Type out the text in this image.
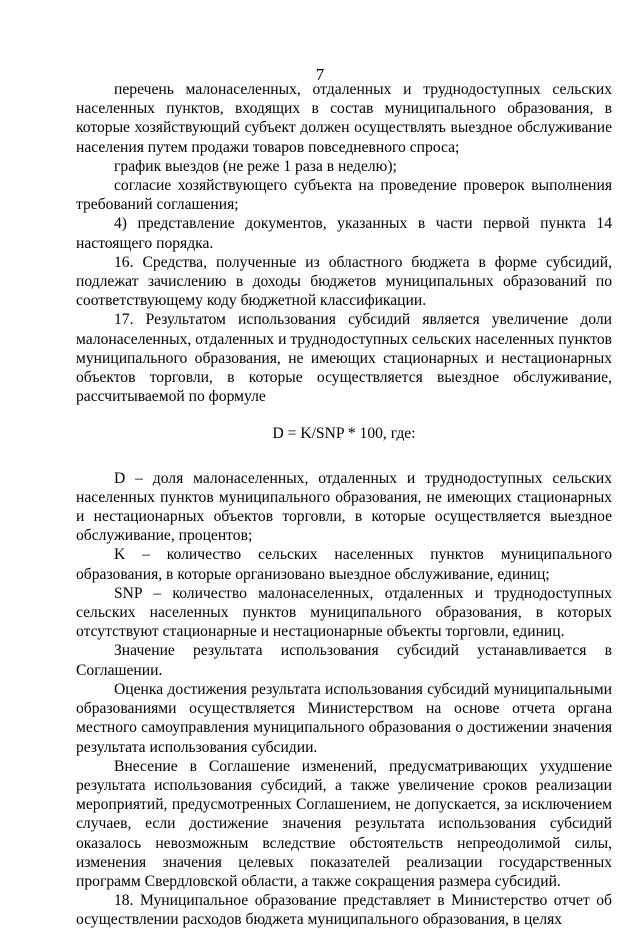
7

перечень малонаселенных, отдаленных и труднодоступных сельских населенных пунктов, входящих в состав муниципального образования, в которые хозяйствующий субъект должен осуществлять выездное обслуживание населения путем продажи товаров повседневного спроса;

график выездов (не реже 1 раза в неделю);

согласие хозяйствующего субъекта на проведение проверок выполнения требований соглашения;

4) представление документов, указанных в части первой пункта 14 настоящего порядка.

16. Средства, полученные из областного бюджета в форме субсидий, подлежат зачислению в доходы бюджетов муниципальных образований по соответствующему коду бюджетной классификации.

17. Результатом использования субсидий является увеличение доли малонаселенных, отдаленных и труднодоступных сельских населенных пунктов муниципального образования, не имеющих стационарных и нестационарных объектов торговли, в которые осуществляется выездное обслуживание, рассчитываемой по формуле

D = K/SNP * 100, где:

D – доля малонаселенных, отдаленных и труднодоступных сельских населенных пунктов муниципального образования, не имеющих стационарных и нестационарных объектов торговли, в которые осуществляется выездное обслуживание, процентов;

K – количество сельских населенных пунктов муниципального образования, в которые организовано выездное обслуживание, единиц;

SNP – количество малонаселенных, отдаленных и труднодоступных сельских населенных пунктов муниципального образования, в которых отсутствуют стационарные и нестационарные объекты торговли, единиц.

Значение результата использования субсидий устанавливается в Соглашении.

Оценка достижения результата использования субсидий муниципальными образованиями осуществляется Министерством на основе отчета органа местного самоуправления муниципального образования о достижении значения результата использования субсидии.

Внесение в Соглашение изменений, предусматривающих ухудшение результата использования субсидий, а также увеличение сроков реализации мероприятий, предусмотренных Соглашением, не допускается, за исключением случаев, если достижение значения результата использования субсидий оказалось невозможным вследствие обстоятельств непреодолимой силы, изменения значения целевых показателей реализации государственных программ Свердловской области, а также сокращения размера субсидий.

18. Муниципальное образование представляет в Министерство отчет об осуществлении расходов бюджета муниципального образования, в целях
